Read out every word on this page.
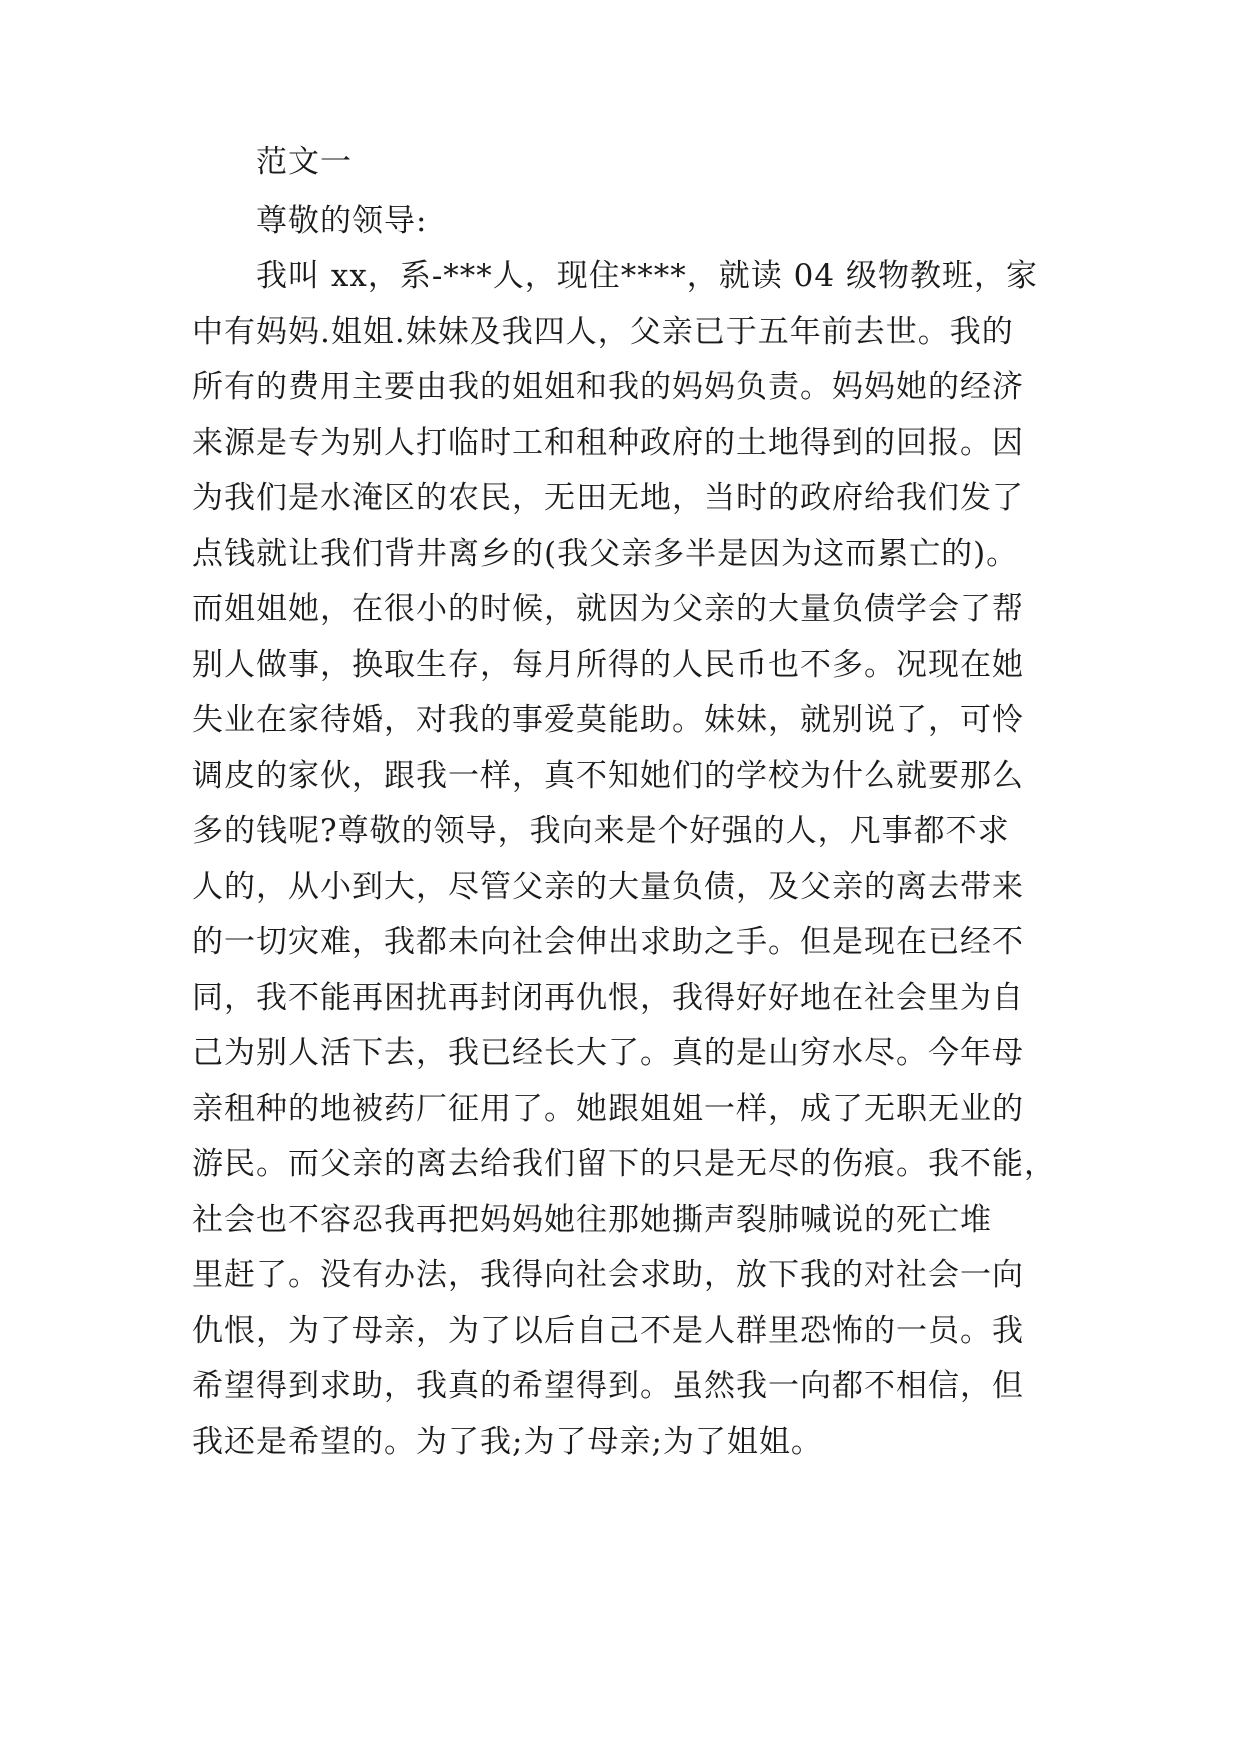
范文一
尊敬的领导:
我叫 xx，系-***人，现住****，就读 04 级物教班，家
中有妈妈.姐姐.妹妹及我四人，父亲已于五年前去世。我的
所有的费用主要由我的姐姐和我的妈妈负责。妈妈她的经济
来源是专为别人打临时工和租种政府的土地得到的回报。因
为我们是水淹区的农民，无田无地，当时的政府给我们发了
点钱就让我们背井离乡的(我父亲多半是因为这而累亡的)。
而姐姐她，在很小的时候，就因为父亲的大量负债学会了帮
别人做事，换取生存，每月所得的人民币也不多。况现在她
失业在家待婚，对我的事爱莫能助。妹妹，就别说了，可怜
调皮的家伙，跟我一样，真不知她们的学校为什么就要那么
多的钱呢?尊敬的领导，我向来是个好强的人，凡事都不求
人的，从小到大，尽管父亲的大量负债，及父亲的离去带来
的一切灾难，我都未向社会伸出求助之手。但是现在已经不
同，我不能再困扰再封闭再仇恨，我得好好地在社会里为自
己为别人活下去，我已经长大了。真的是山穷水尽。今年母
亲租种的地被药厂征用了。她跟姐姐一样，成了无职无业的
游民。而父亲的离去给我们留下的只是无尽的伤痕。我不能，
社会也不容忍我再把妈妈她往那她撕声裂肺喊说的死亡堆
里赶了。没有办法，我得向社会求助，放下我的对社会一向
仇恨，为了母亲，为了以后自己不是人群里恐怖的一员。我
希望得到求助，我真的希望得到。虽然我一向都不相信，但
我还是希望的。为了我;为了母亲;为了姐姐。
